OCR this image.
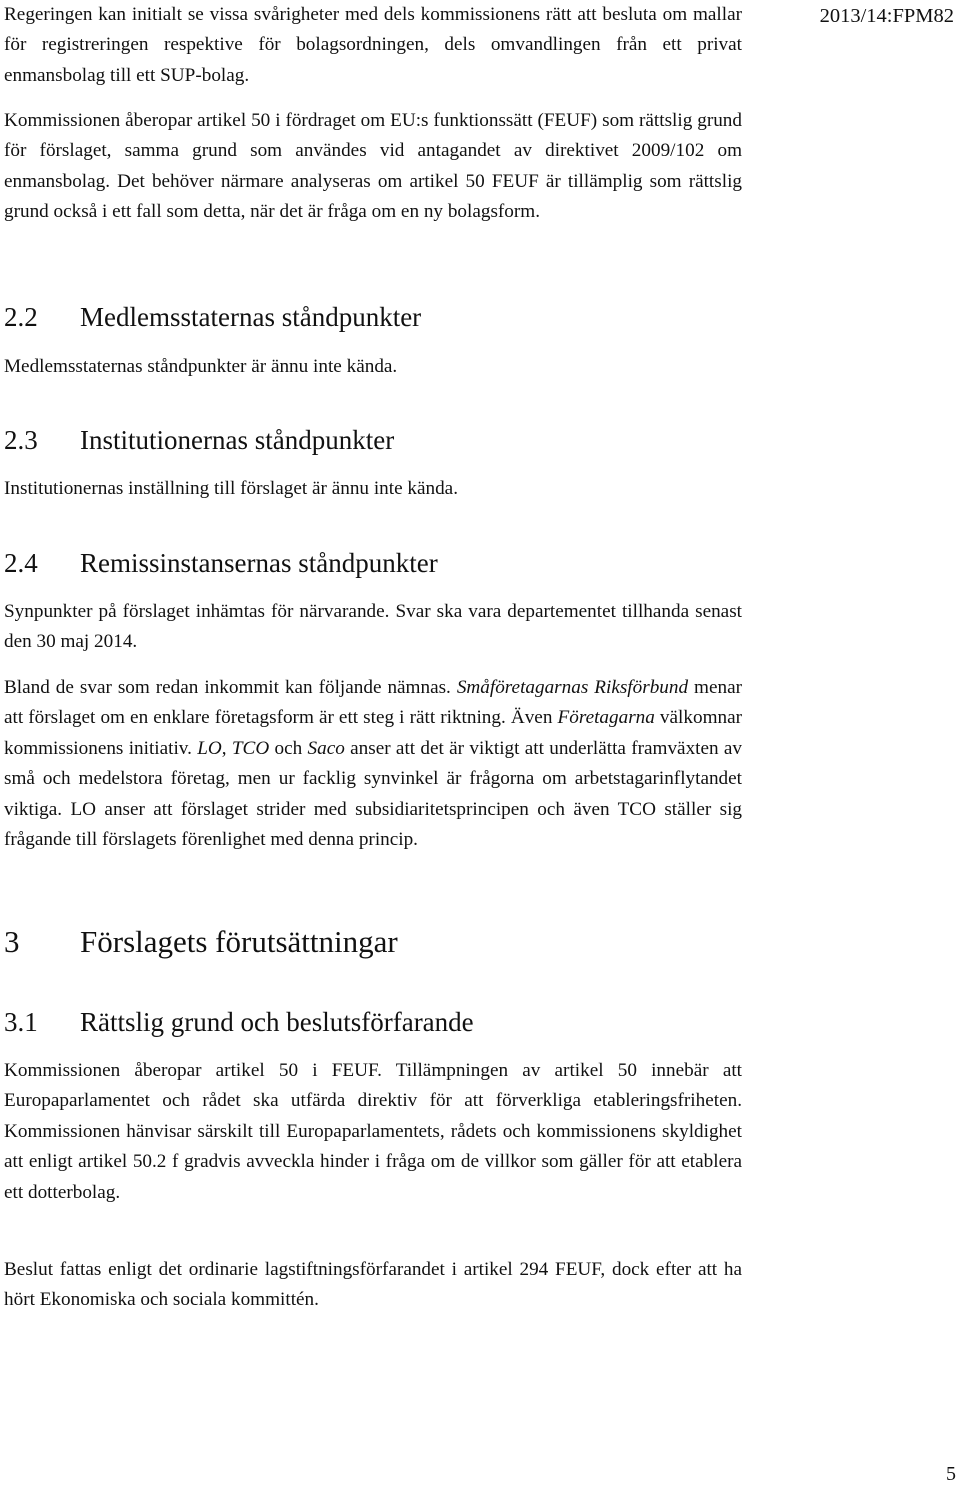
2013/14:FPM82

Regeringen kan initialt se vissa svårigheter med dels kommissionens rätt att besluta om mallar för registreringen respektive för bolagsordningen, dels omvandlingen från ett privat enmansbolag till ett SUP-bolag.

Kommissionen åberopar artikel 50 i fördraget om EU:s funktionssätt (FEUF) som rättslig grund för förslaget, samma grund som användes vid antagandet av direktivet 2009/102 om enmansbolag. Det behöver närmare analyseras om artikel 50 FEUF är tillämplig som rättslig grund också i ett fall som detta, när det är fråga om en ny bolagsform.

2.2 Medlemsstaternas ståndpunkter

Medlemsstaternas ståndpunkter är ännu inte kända.

2.3 Institutionernas ståndpunkter

Institutionernas inställning till förslaget är ännu inte kända.

2.4 Remissinstansernas ståndpunkter

Synpunkter på förslaget inhämtas för närvarande. Svar ska vara departementet tillhanda senast den 30 maj 2014.

Bland de svar som redan inkommit kan följande nämnas. Småföretagarnas Riksförbund menar att förslaget om en enklare företagsform är ett steg i rätt riktning. Även Företagarna välkomnar kommissionens initiativ. LO, TCO och Saco anser att det är viktigt att underlätta framväxten av små och medelstora företag, men ur facklig synvinkel är frågorna om arbetstagarinflytandet viktiga. LO anser att förslaget strider med subsidiaritetsprincipen och även TCO ställer sig frågande till förslagets förenlighet med denna princip.

3 Förslagets förutsättningar
3.1 Rättslig grund och beslutsförfarande

Kommissionen åberopar artikel 50 i FEUF. Tillämpningen av artikel 50 innebär att Europaparlamentet och rådet ska utfärda direktiv för att förverkliga etableringsfriheten. Kommissionen hänvisar särskilt till Europaparlamentets, rådets och kommissionens skyldighet att enligt artikel 50.2 f gradvis avveckla hinder i fråga om de villkor som gäller för att etablera ett dotterbolag.

Beslut fattas enligt det ordinarie lagstiftningsförfarandet i artikel 294 FEUF, dock efter att ha hört Ekonomiska och sociala kommittén.

5
